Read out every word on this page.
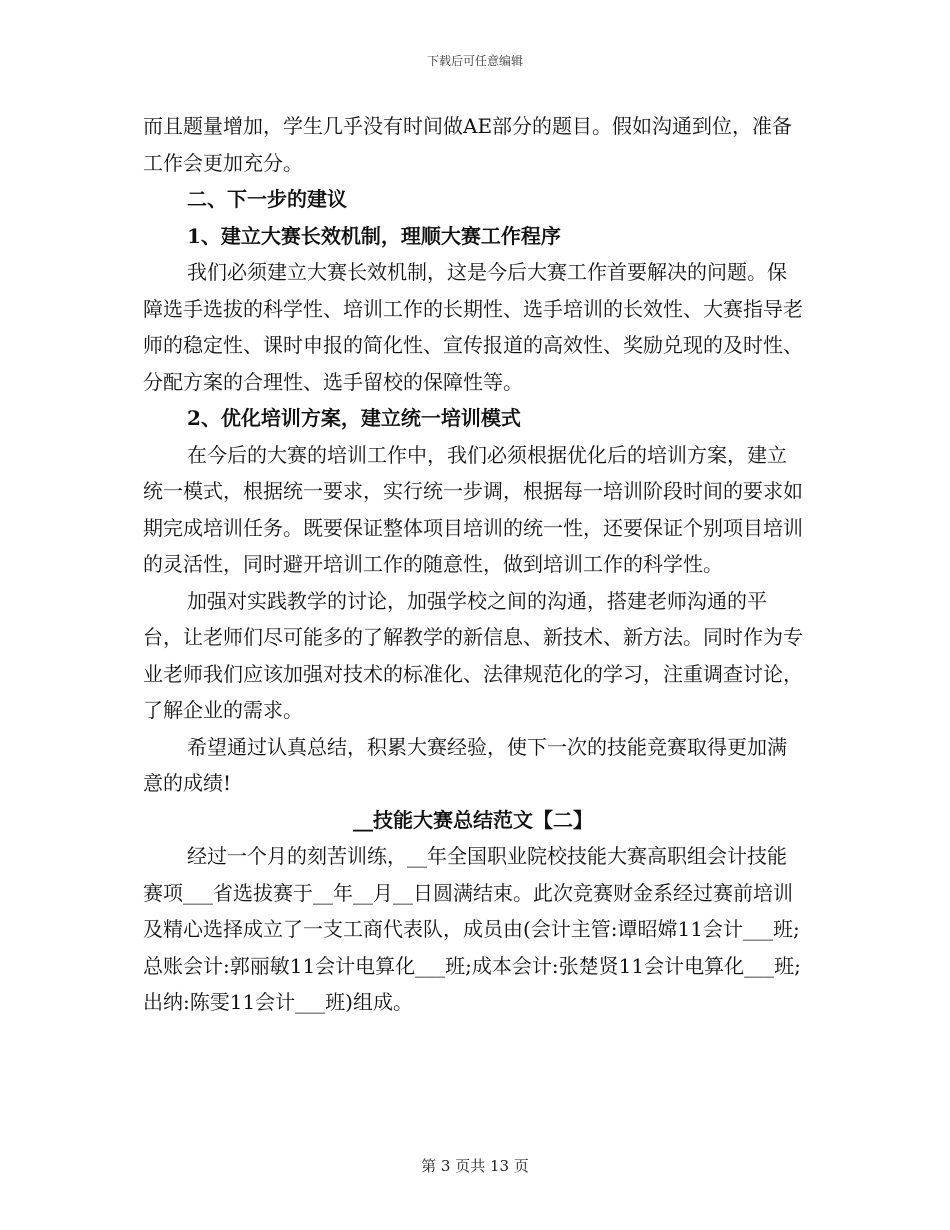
下载后可任意编辑

而且题量增加，学生几乎没有时间做AE部分的题目。假如沟通到位，准备工作会更加充分。

二、下一步的建议

1、建立大赛长效机制，理顺大赛工作程序

我们必须建立大赛长效机制，这是今后大赛工作首要解决的问题。保障选手选拔的科学性、培训工作的长期性、选手培训的长效性、大赛指导老师的稳定性、课时申报的简化性、宣传报道的高效性、奖励兑现的及时性、分配方案的合理性、选手留校的保障性等。

2、优化培训方案，建立统一培训模式

在今后的大赛的培训工作中，我们必须根据优化后的培训方案，建立统一模式，根据统一要求，实行统一步调，根据每一培训阶段时间的要求如期完成培训任务。既要保证整体项目培训的统一性，还要保证个别项目培训的灵活性，同时避开培训工作的随意性，做到培训工作的科学性。

加强对实践教学的讨论，加强学校之间的沟通，搭建老师沟通的平台，让老师们尽可能多的了解教学的新信息、新技术、新方法。同时作为专业老师我们应该加强对技术的标准化、法律规范化的学习，注重调查讨论，了解企业的需求。

希望通过认真总结，积累大赛经验，使下一次的技能竞赛取得更加满意的成绩!

__技能大赛总结范文【二】

经过一个月的刻苦训练，__年全国职业院校技能大赛高职组会计技能赛项___省选拔赛于__年__月__日圆满结束。此次竞赛财金系经过赛前培训及精心选择成立了一支工商代表队，成员由(会计主管:谭昭嫦11会计___班;总账会计:郭丽敏11会计电算化___班;成本会计:张楚贤11会计电算化___班;出纳:陈雯11会计___班)组成。

第 3 页共 13 页
